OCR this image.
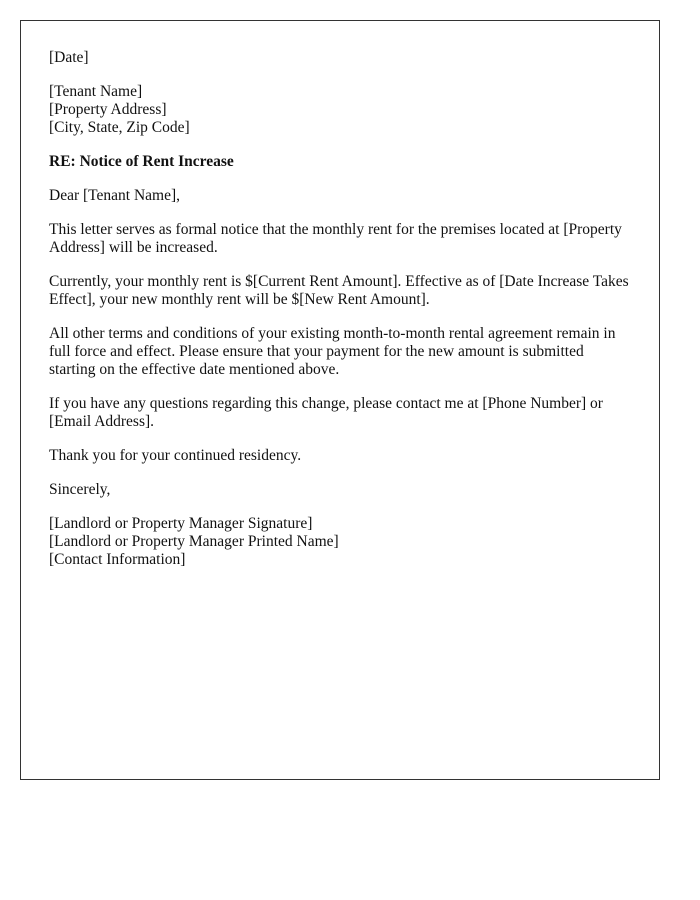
[Date]

[Tenant Name]
[Property Address]
[City, State, Zip Code]

RE: Notice of Rent Increase

Dear [Tenant Name],

This letter serves as formal notice that the monthly rent for the premises located at [Property Address] will be increased.

Currently, your monthly rent is $[Current Rent Amount]. Effective as of [Date Increase Takes Effect], your new monthly rent will be $[New Rent Amount].

All other terms and conditions of your existing month-to-month rental agreement remain in full force and effect. Please ensure that your payment for the new amount is submitted starting on the effective date mentioned above.

If you have any questions regarding this change, please contact me at [Phone Number] or [Email Address].

Thank you for your continued residency.

Sincerely,

[Landlord or Property Manager Signature]
[Landlord or Property Manager Printed Name]
[Contact Information]
